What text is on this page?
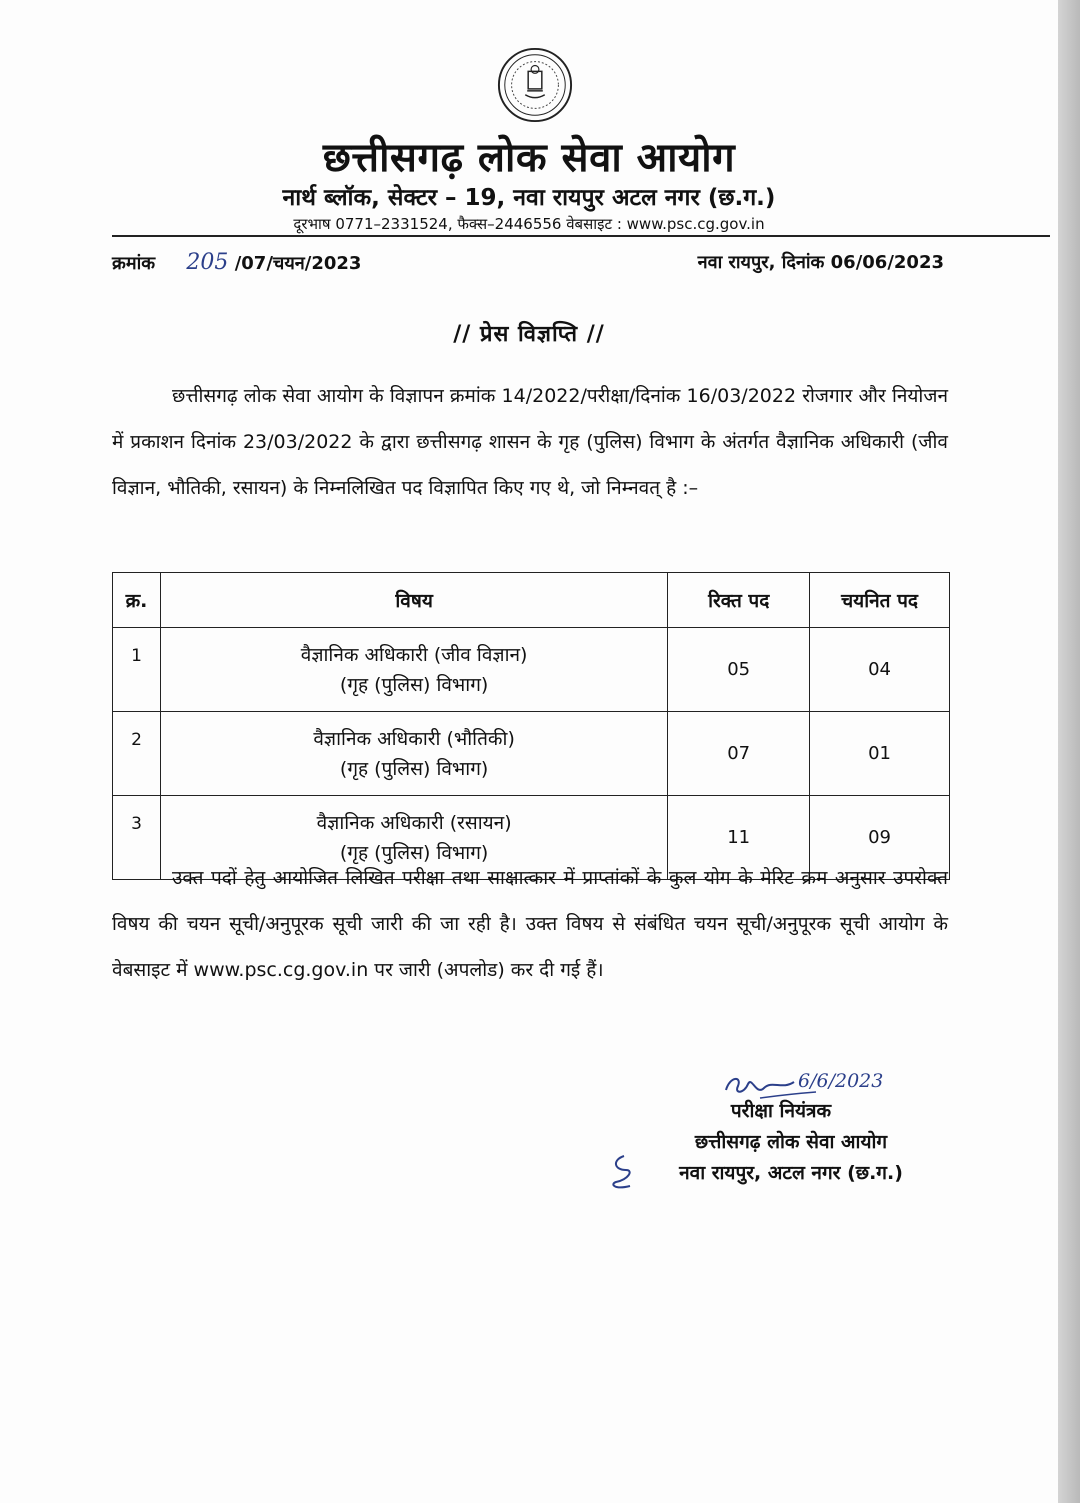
छत्तीसगढ़ लोक सेवा आयोग
नार्थ ब्लॉक, सेक्टर – 19, नवा रायपुर अटल नगर (छ.ग.)
दूरभाष 0771–2331524, फैक्स–2446556 वेबसाइट : www.psc.cg.gov.in
क्रमांक 205 /07/चयन/2023	नवा रायपुर, दिनांक 06/06/2023
// प्रेस विज्ञप्ति //
छत्तीसगढ़ लोक सेवा आयोग के विज्ञापन क्रमांक 14/2022/परीक्षा/दिनांक 16/03/2022 रोजगार और नियोजन में प्रकाशन दिनांक 23/03/2022 के द्वारा छत्तीसगढ़ शासन के गृह (पुलिस) विभाग के अंतर्गत वैज्ञानिक अधिकारी (जीव विज्ञान, भौतिकी, रसायन) के निम्नलिखित पद विज्ञापित किए गए थे, जो निम्नवत् है :–
क्र.	विषय	रिक्त पद	चयनित पद
1	वैज्ञानिक अधिकारी (जीव विज्ञान)
(गृह (पुलिस) विभाग)	05	04
2	वैज्ञानिक अधिकारी (भौतिकी)
(गृह (पुलिस) विभाग)	07	01
3	वैज्ञानिक अधिकारी (रसायन)
(गृह (पुलिस) विभाग)	11	09
उक्त पदों हेतु आयोजित लिखित परीक्षा तथा साक्षात्कार में प्राप्तांकों के कुल योग के मेरिट क्रम अनुसार उपरोक्त विषय की चयन सूची/अनुपूरक सूची जारी की जा रही है। उक्त विषय से संबंधित चयन सूची/अनुपूरक सूची आयोग के वेबसाइट में www.psc.cg.gov.in पर जारी (अपलोड) कर दी गई हैं।
6/6/2023
परीक्षा नियंत्रक
छत्तीसगढ़ लोक सेवा आयोग
नवा रायपुर, अटल नगर (छ.ग.)
